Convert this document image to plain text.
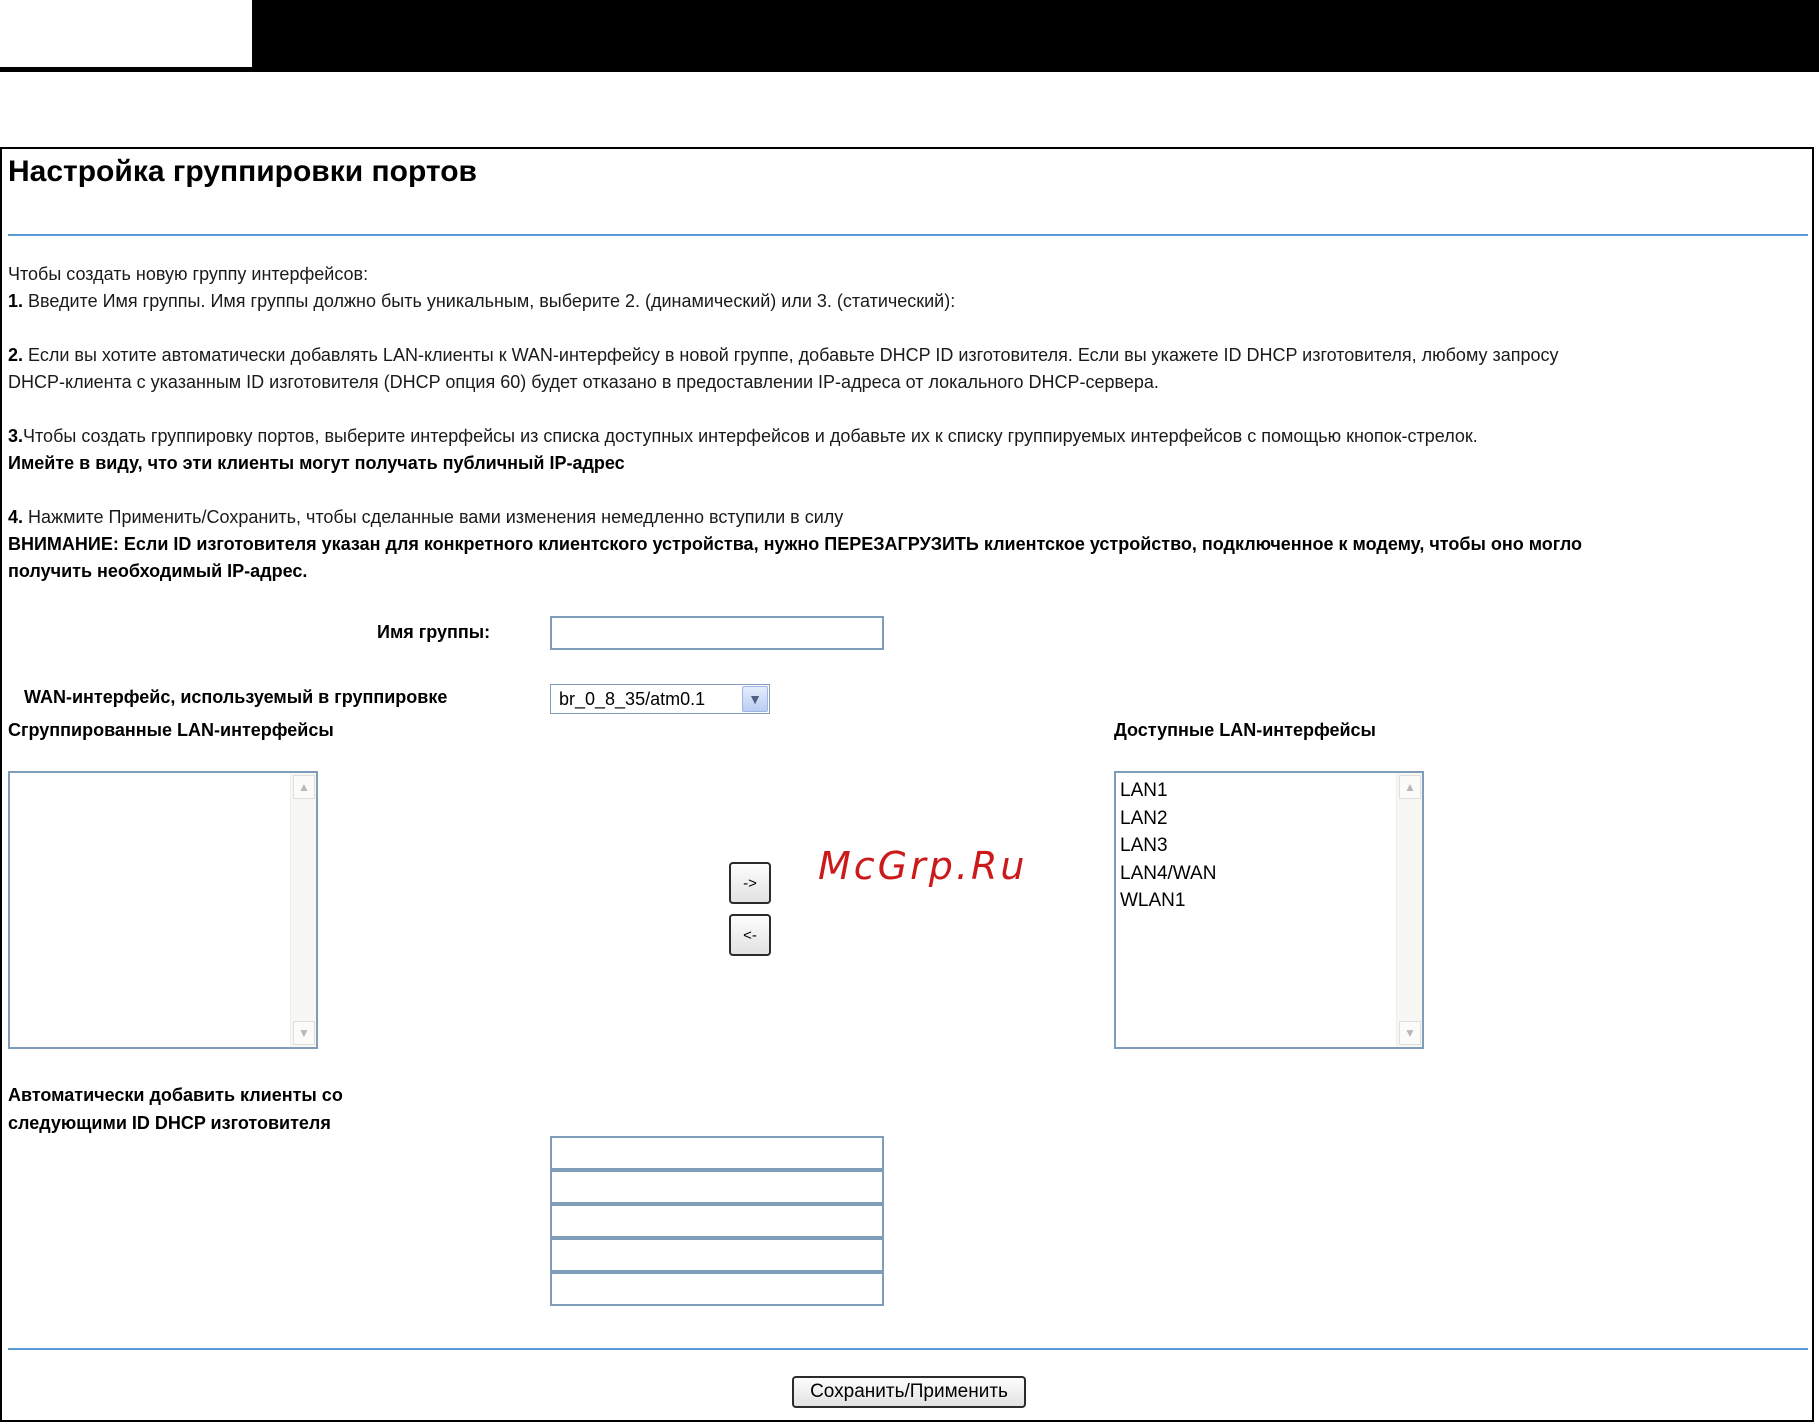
Настройка группировки портов
Чтобы создать новую группу интерфейсов:
1. Введите Имя группы. Имя группы должно быть уникальным, выберите 2. (динамический) или 3. (статический):
2. Если вы хотите автоматически добавлять LAN-клиенты к WAN-интерфейсу в новой группе, добавьте DHCP ID изготовителя. Если вы укажете ID DHCP изготовителя, любому запросу
DHCP-клиента с указанным ID изготовителя (DHCP опция 60) будет отказано в предоставлении IP-адреса от локального DHCP-сервера.
3.Чтобы создать группировку портов, выберите интерфейсы из списка доступных интерфейсов и добавьте их к списку группируемых интерфейсов с помощью кнопок-стрелок.
Имейте в виду, что эти клиенты могут получать публичный IP-адрес
4. Нажмите Применить/Сохранить, чтобы сделанные вами изменения немедленно вступили в силу
ВНИМАНИЕ: Если ID изготовителя указан для конкретного клиентского устройства, нужно ПЕРЕЗАГРУЗИТЬ клиентское устройство, подключенное к модему, чтобы оно могло
получить необходимый IP-адрес.
Имя группы:
WAN-интерфейс, используемый в группировке	br_0_8_35/atm0.1	▼
McGrp.Ru
Сгруппированные LAN-интерфейсы	Доступные LAN-интерфейсы
▲
▼
->
<-
LAN1
LAN2
LAN3
LAN4/WAN
WLAN1
▲
▼
Автоматически добавить клиенты со
следующими ID DHCP изготовителя
Сохранить/Применить
